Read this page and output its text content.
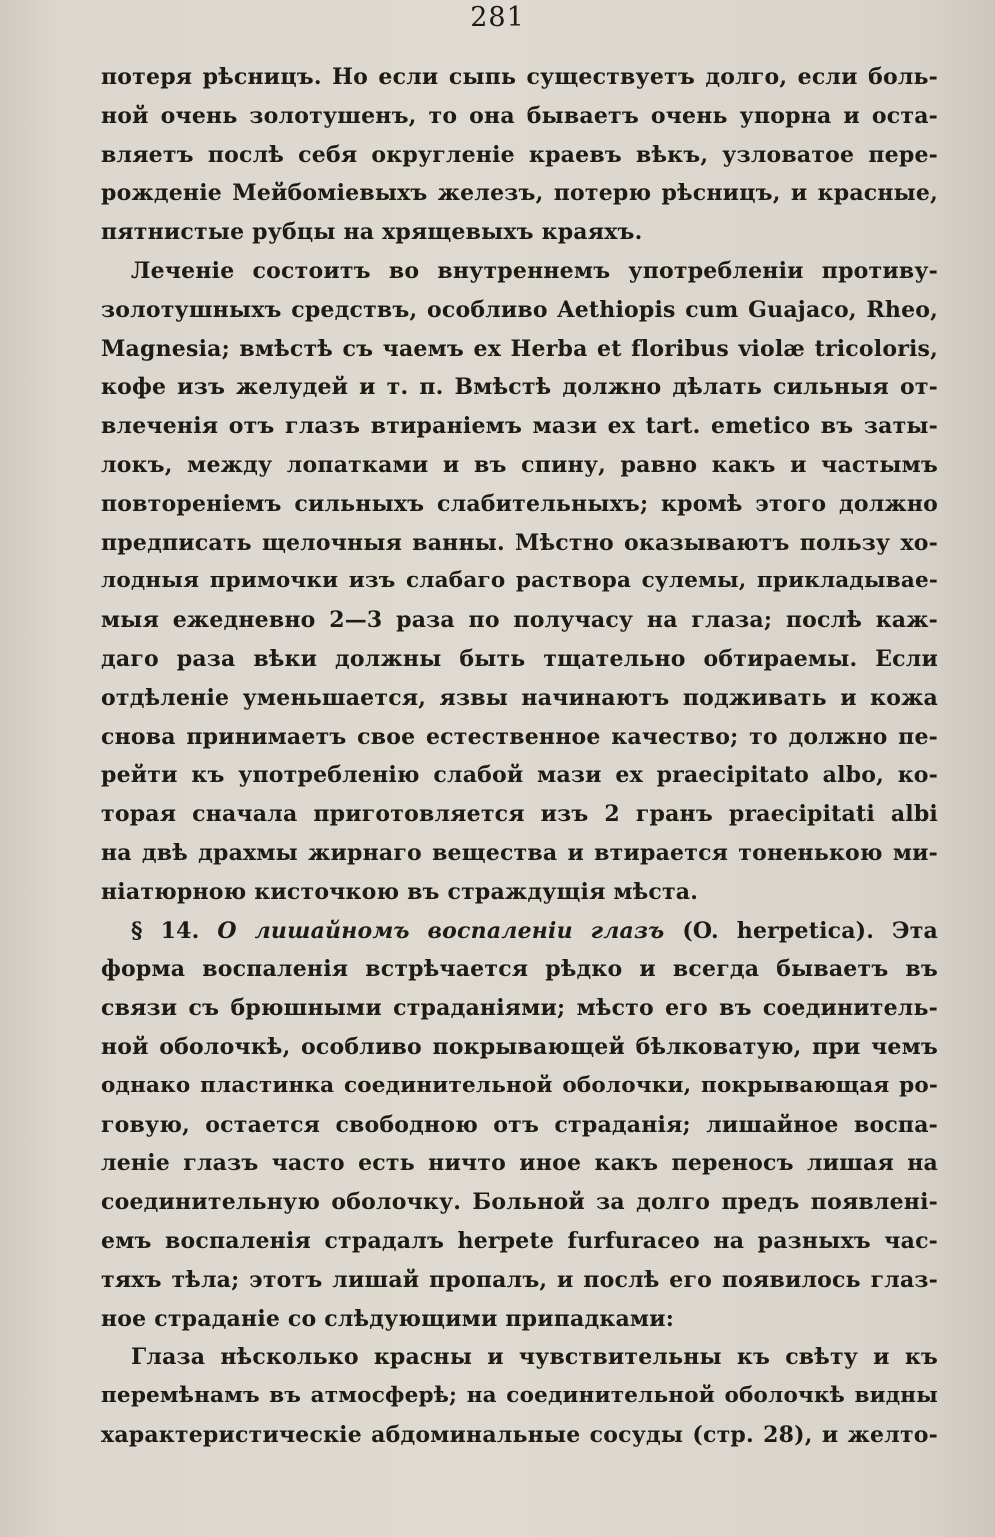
281
потеря рѣсницъ. Но если сыпь существуетъ долго, если боль-
ной очень золотушенъ, то она бываетъ очень упорна и оста-
вляетъ послѣ себя округленіе краевъ вѣкъ, узловатое пере-
рожденіе Мейбоміевыхъ железъ, потерю рѣсницъ, и красные,
пятнистые рубцы на хрящевыхъ краяхъ.
Леченіе состоитъ во внутреннемъ употребленіи противу-
золотушныхъ средствъ, особливо Aethiopis cum Guajaco, Rheo,
Magnesia; вмѣстѣ съ чаемъ ex Herba et floribus violæ tricoloris,
кофе изъ желудей и т. п. Вмѣстѣ должно дѣлать сильныя от-
влеченія отъ глазъ втираніемъ мази ex tart. emetico въ заты-
локъ, между лопатками и въ спину, равно какъ и частымъ
повтореніемъ сильныхъ слабительныхъ; кромѣ этого должно
предписать щелочныя ванны. Мѣстно оказываютъ пользу хо-
лодныя примочки изъ слабаго раствора сулемы, прикладывае-
мыя ежедневно 2—3 раза по получасу на глаза; послѣ каж-
даго раза вѣки должны быть тщательно обтираемы. Если
отдѣленіе уменьшается, язвы начинаютъ подживать и кожа
снова принимаетъ свое естественное качество; то должно пе-
рейти къ употребленію слабой мази ex praecipitato albo, ко-
торая сначала приготовляется изъ 2 гранъ praecipitati albi
на двѣ драхмы жирнаго вещества и втирается тоненькою ми-
ніатюрною кисточкою въ страждущія мѣста.
§ 14. О лишайномъ воспаленіи глазъ (O. herpetica). Эта
форма воспаленія встрѣчается рѣдко и всегда бываетъ въ
связи съ брюшными страданіями; мѣсто его въ соединитель-
ной оболочкѣ, особливо покрывающей бѣлковатую, при чемъ
однако пластинка соединительной оболочки, покрывающая ро-
говую, остается свободною отъ страданія; лишайное воспа-
леніе глазъ часто есть ничто иное какъ переносъ лишая на
соединительную оболочку. Больной за долго предъ появлені-
емъ воспаленія страдалъ herpete furfuraceo на разныхъ час-
тяхъ тѣла; этотъ лишай пропалъ, и послѣ его появилось глаз-
ное страданіе со слѣдующими припадками:
Глаза нѣсколько красны и чувствительны къ свѣту и къ
перемѣнамъ въ атмосферѣ; на соединительной оболочкѣ видны
характеристическіе абдоминальные сосуды (стр. 28), и желто-
